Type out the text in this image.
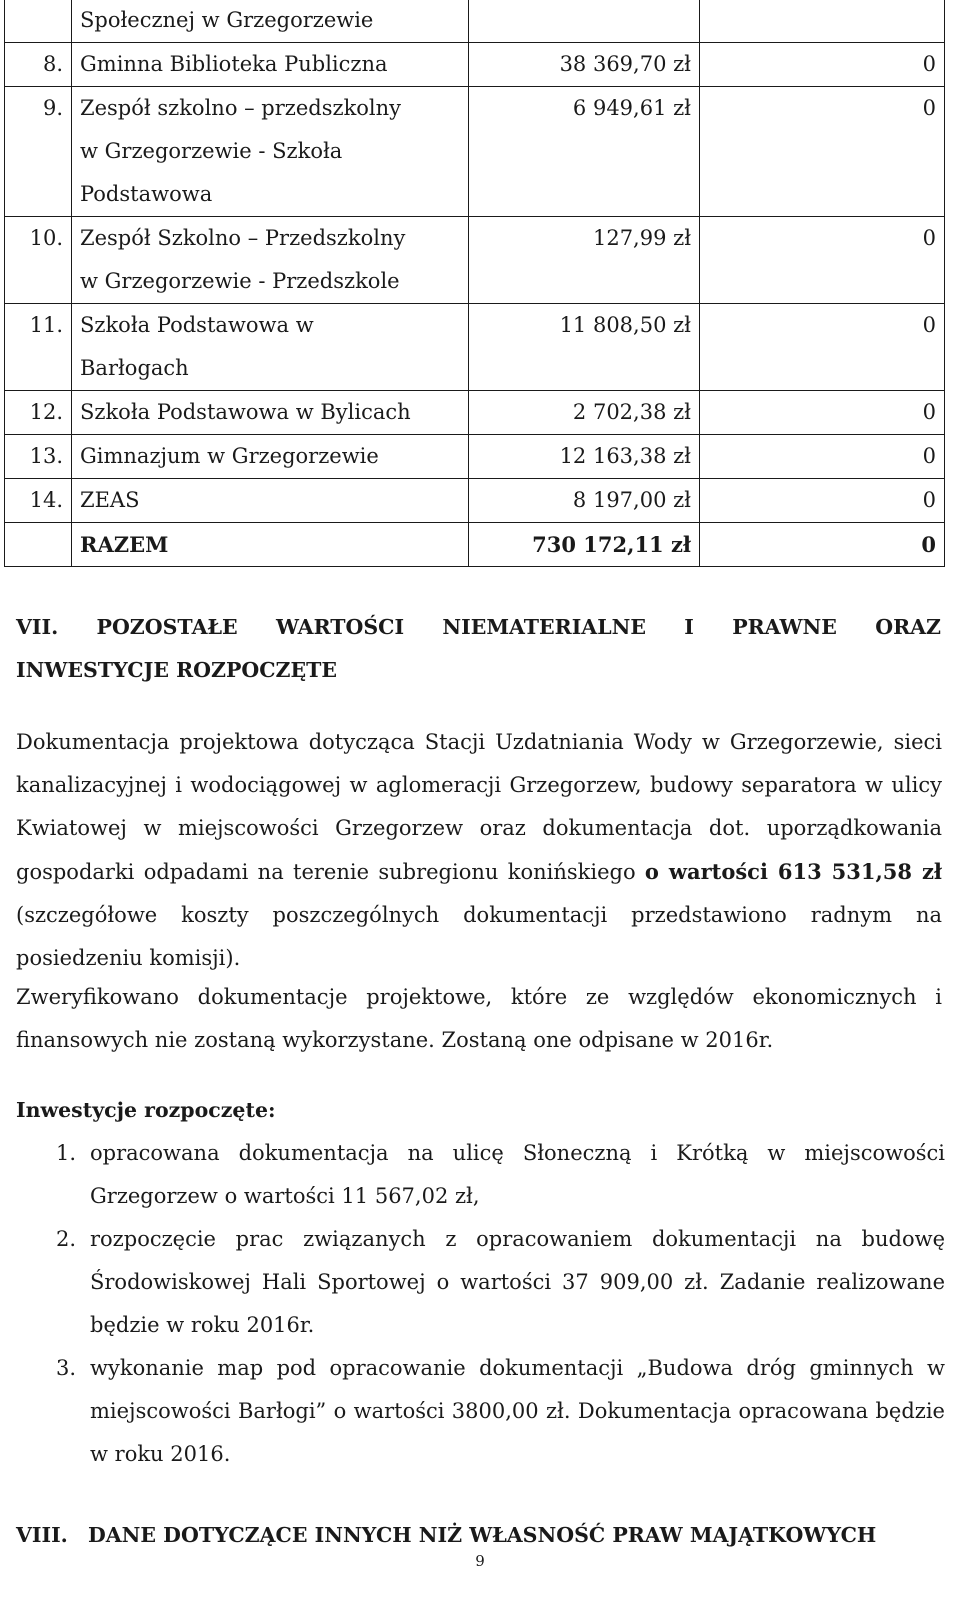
	Społecznej w Grzegorzewie		

8.	Gminna Biblioteka Publiczna	38 369,70 zł	0
9.	Zespół szkolno – przedszkolny
w Grzegorzewie - Szkoła
Podstawowa	6 949,61 zł	0
10.	Zespół Szkolno – Przedszkolny
w Grzegorzewie - Przedszkole	127,99 zł	0
11.	Szkoła Podstawowa w
Barłogach	11 808,50 zł	0
12.	Szkoła Podstawowa w Bylicach	2 702,38 zł	0
13.	Gimnazjum w Grzegorzewie	12 163,38 zł	0
14.	ZEAS	8 197,00 zł	0
	RAZEM	730 172,11 zł	0
VII. POZOSTAŁE WARTOŚCI NIEMATERIALNE I PRAWNE ORAZ
INWESTYCJE ROZPOCZĘTE

Dokumentacja projektowa dotycząca Stacji Uzdatniania Wody w Grzegorzewie, sieci kanalizacyjnej i wodociągowej w aglomeracji Grzegorzew, budowy separatora w ulicy Kwiatowej w miejscowości Grzegorzew oraz dokumentacja dot. uporządkowania gospodarki odpadami na terenie subregionu konińskiego o wartości 613 531,58 zł (szczegółowe koszty poszczególnych dokumentacji przedstawiono radnym na posiedzeniu komisji).

Zweryfikowano dokumentacje projektowe, które ze względów ekonomicznych i finansowych nie zostaną wykorzystane. Zostaną one odpisane w 2016r.

Inwestycje rozpoczęte:
1. opracowana dokumentacja na ulicę Słoneczną i Krótką w miejscowości Grzegorzew o wartości 11 567,02 zł,
2. rozpoczęcie prac związanych z opracowaniem dokumentacji na budowę Środowiskowej Hali Sportowej o wartości 37 909,00 zł. Zadanie realizowane będzie w roku 2016r.
3. wykonanie map pod opracowanie dokumentacji „Budowa dróg gminnych w miejscowości Barłogi” o wartości 3800,00 zł. Dokumentacja opracowana będzie w roku 2016.
VIII. DANE DOTYCZĄCE INNYCH NIŻ WŁASNOŚĆ PRAW MAJĄTKOWYCH
9
